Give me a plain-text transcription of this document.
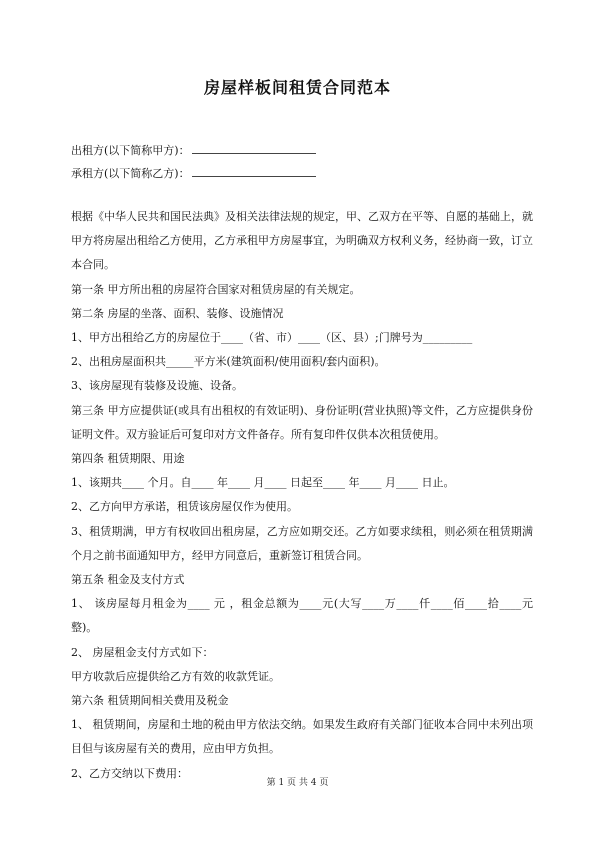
房屋样板间租赁合同范本
出租方(以下简称甲方)：
承租方(以下简称乙方)：

根据《中华人民共和国民法典》及相关法律法规的规定，甲、乙双方在平等、自愿的基础上，就甲方将房屋出租给乙方使用，乙方承租甲方房屋事宜，为明确双方权利义务，经协商一致，订立本合同。

第一条 甲方所出租的房屋符合国家对租赁房屋的有关规定。

第二条 房屋的坐落、面积、装修、设施情况

1、甲方出租给乙方的房屋位于____（省、市）____（区、县）;门牌号为_________

2、出租房屋面积共_____平方米(建筑面积/使用面积/套内面积)。

3、该房屋现有装修及设施、设备。

第三条 甲方应提供证(或具有出租权的有效证明)、身份证明(营业执照)等文件，乙方应提供身份证明文件。双方验证后可复印对方文件备存。所有复印件仅供本次租赁使用。

第四条 租赁期限、用途

1、该期共____ 个月。自____ 年____ 月____ 日起至____ 年____ 月____ 日止。

2、乙方向甲方承诺，租赁该房屋仅作为使用。

3、租赁期满，甲方有权收回出租房屋，乙方应如期交还。乙方如要求续租，则必须在租赁期满 个月之前书面通知甲方，经甲方同意后，重新签订租赁合同。

第五条 租金及支付方式

1、 该房屋每月租金为____ 元 ，租金总额为____元(大写____万____仟____佰____拾____元整)。

2、 房屋租金支付方式如下：

甲方收款后应提供给乙方有效的收款凭证。

第六条 租赁期间相关费用及税金

1、 租赁期间，房屋和土地的税由甲方依法交纳。如果发生政府有关部门征收本合同中未列出项目但与该房屋有关的费用，应由甲方负担。

2、乙方交纳以下费用：

第 1 页 共 4 页
